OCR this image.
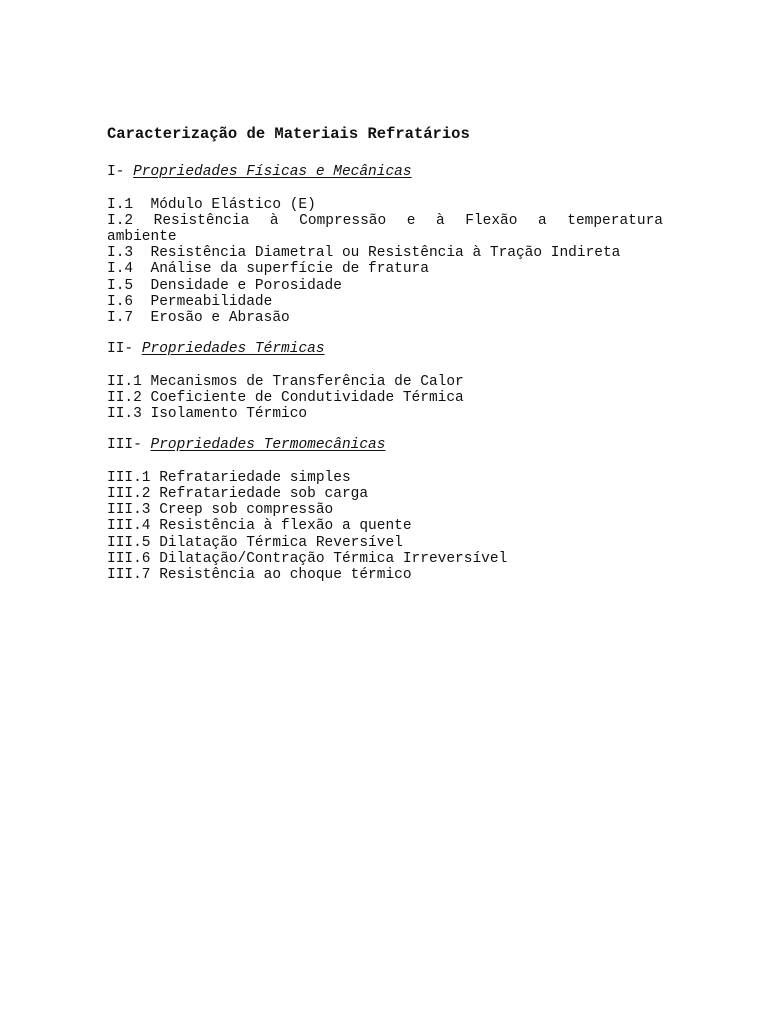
Caracterização de Materiais Refratários
I- Propriedades Físicas e Mecânicas
I.1  Módulo Elástico (E)
I.2 Resistência à Compressão e à Flexão a temperatura
ambiente
I.3  Resistência Diametral ou Resistência à Tração Indireta
I.4  Análise da superfície de fratura
I.5  Densidade e Porosidade
I.6  Permeabilidade
I.7  Erosão e Abrasão
II- Propriedades Térmicas
II.1 Mecanismos de Transferência de Calor
II.2 Coeficiente de Condutividade Térmica
II.3 Isolamento Térmico
III- Propriedades Termomecânicas
III.1 Refratariedade simples
III.2 Refratariedade sob carga
III.3 Creep sob compressão
III.4 Resistência à flexão a quente
III.5 Dilatação Térmica Reversível
III.6 Dilatação/Contração Térmica Irreversível
III.7 Resistência ao choque térmico
